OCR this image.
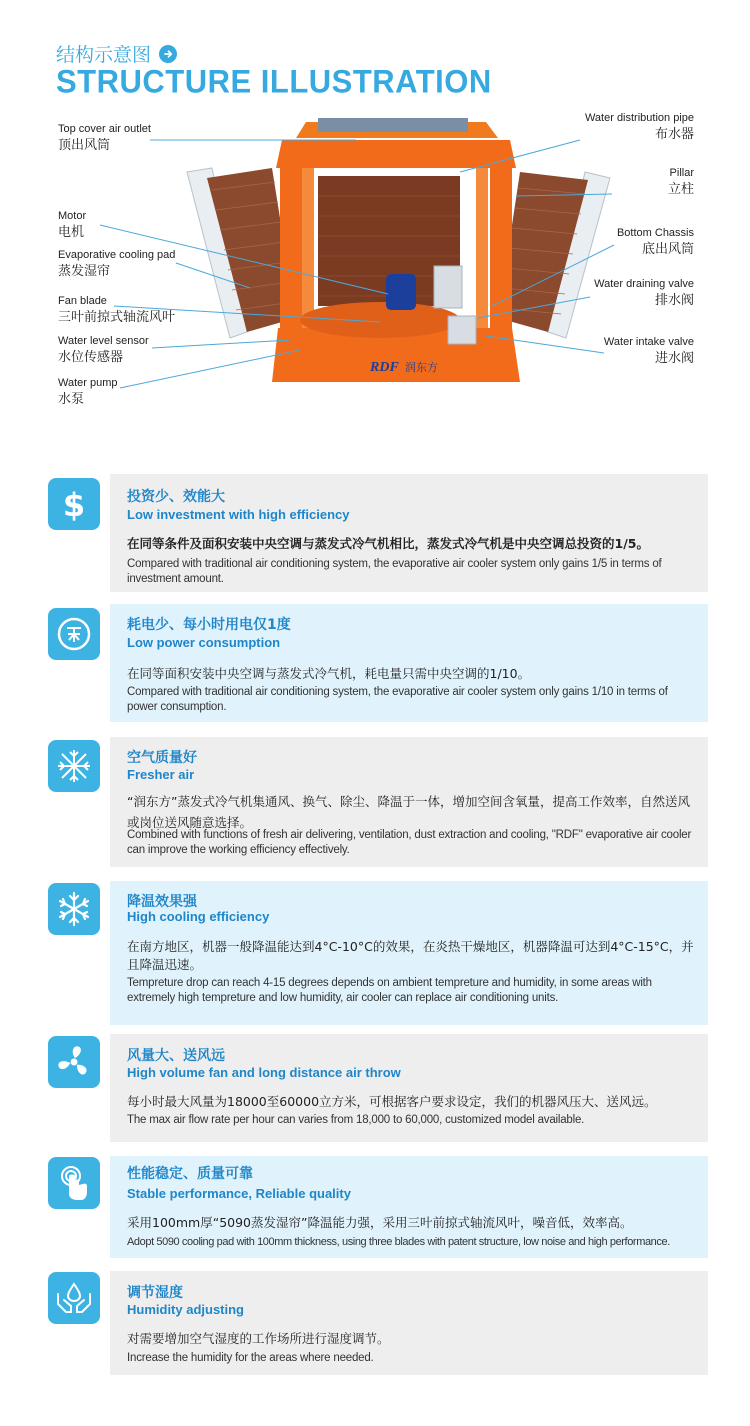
结构示意图
STRUCTURE ILLUSTRATION
RDF 润东方
Top cover air outlet
顶出风筒
Motor
电机
Evaporative cooling pad
蒸发湿帘
Fan blade
三叶前掠式轴流风叶
Water level sensor
水位传感器
Water pump
水泵
Water distribution pipe
布水器
Pillar
立柱
Bottom Chassis
底出风筒
Water draining valve
排水阀
Water intake valve
进水阀
$	投资少、效能大
Low investment with high efficiency
在同等条件及面积安装中央空调与蒸发式冷气机相比，蒸发式冷气机是中央空调总投资的1/5。
Compared with traditional air conditioning system, the evaporative air cooler system only gains 1/5 in terms of investment amount.
耗电少、每小时用电仅1度
Low power consumption
在同等面积安装中央空调与蒸发式冷气机，耗电量只需中央空调的1/10。
Compared with traditional air conditioning system, the evaporative air cooler system only gains 1/10 in terms of power consumption.
空气质量好
Fresher air
“润东方”蒸发式冷气机集通风、换气、除尘、降温于一体，增加空间含氧量，提高工作效率，自然送风或岗位送风随意选择。
Combined with functions of fresh air delivering, ventilation, dust extraction and cooling, "RDF" evaporative air cooler can improve the working efficiency effectively.
降温效果强
High cooling efficiency
在南方地区，机器一般降温能达到4°C-10°C的效果，在炎热干燥地区，机器降温可达到4°C-15°C，并且降温迅速。
Tempreture drop can reach 4-15 degrees depends on ambient tempreture and humidity, in some areas with extremely high tempreture and low humidity, air cooler can replace air conditioning units.
风量大、送风远
High volume fan and long distance air throw
每小时最大风量为18000至60000立方米，可根据客户要求设定，我们的机器风压大、送风远。
The max air flow rate per hour can varies from 18,000 to 60,000, customized model available.
性能稳定、质量可靠
Stable performance, Reliable quality
采用100mm厚“5090蒸发湿帘”降温能力强，采用三叶前掠式轴流风叶，噪音低，效率高。
Adopt 5090 cooling pad with 100mm thickness, using three blades with patent structure, low noise and high performance.
调节湿度
Humidity adjusting
对需要增加空气湿度的工作场所进行湿度调节。
Increase the humidity for the areas where needed.
